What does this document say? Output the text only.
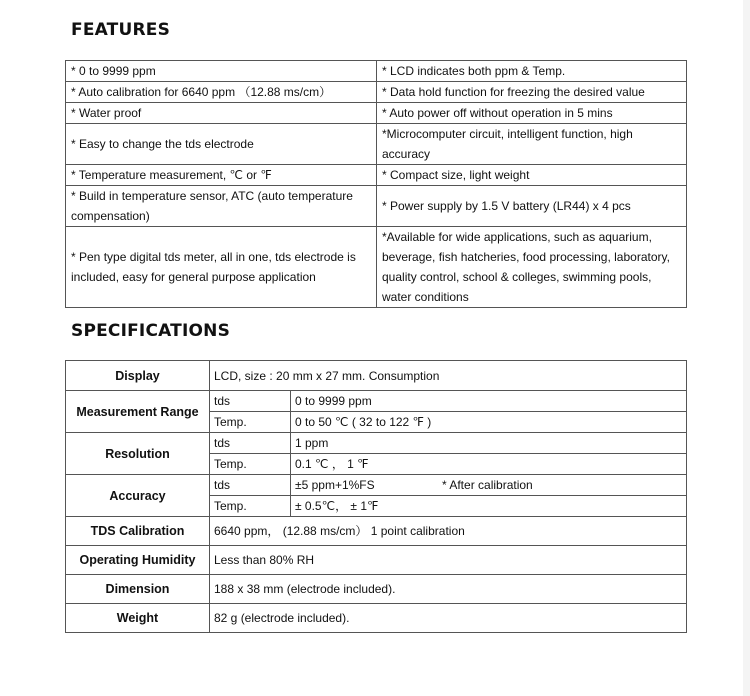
FEATURES
* 0 to 9999 ppm	* LCD indicates both ppm & Temp.
* Auto calibration for 6640 ppm （12.88 ms/cm）	* Data hold function for freezing the desired value
* Water proof	* Auto power off without operation in 5 mins
* Easy to change the tds electrode	*Microcomputer circuit, intelligent function, high accuracy
* Temperature measurement, ℃ or ℉	* Compact size, light weight
* Build in temperature sensor, ATC (auto temperature compensation)	* Power supply by 1.5 V battery (LR44) x 4 pcs
* Pen type digital tds meter, all in one, tds electrode is included, easy for general purpose application	*Available for wide applications, such as aquarium, beverage, fish hatcheries, food processing, laboratory, quality control, school & colleges, swimming pools, water conditions
SPECIFICATIONS
Display	LCD, size : 20 mm x 27 mm. Consumption	
Measurement Range	tds	0 to 9999 ppm
	Temp.	0 to 50 ℃ ( 32 to 122 ℉ )
Resolution	tds	1 ppm
	Temp.	0.1 ℃ ， 1 ℉
Accuracy	tds	±5 ppm+1%FS * After calibration
	Temp.	± 0.5℃， ± 1℉
TDS Calibration	6640 ppm， (12.88 ms/cm） 1 point calibration	
Operating Humidity	Less than 80% RH	
Dimension	188 x 38 mm (electrode included).	
Weight	82 g (electrode included).	
